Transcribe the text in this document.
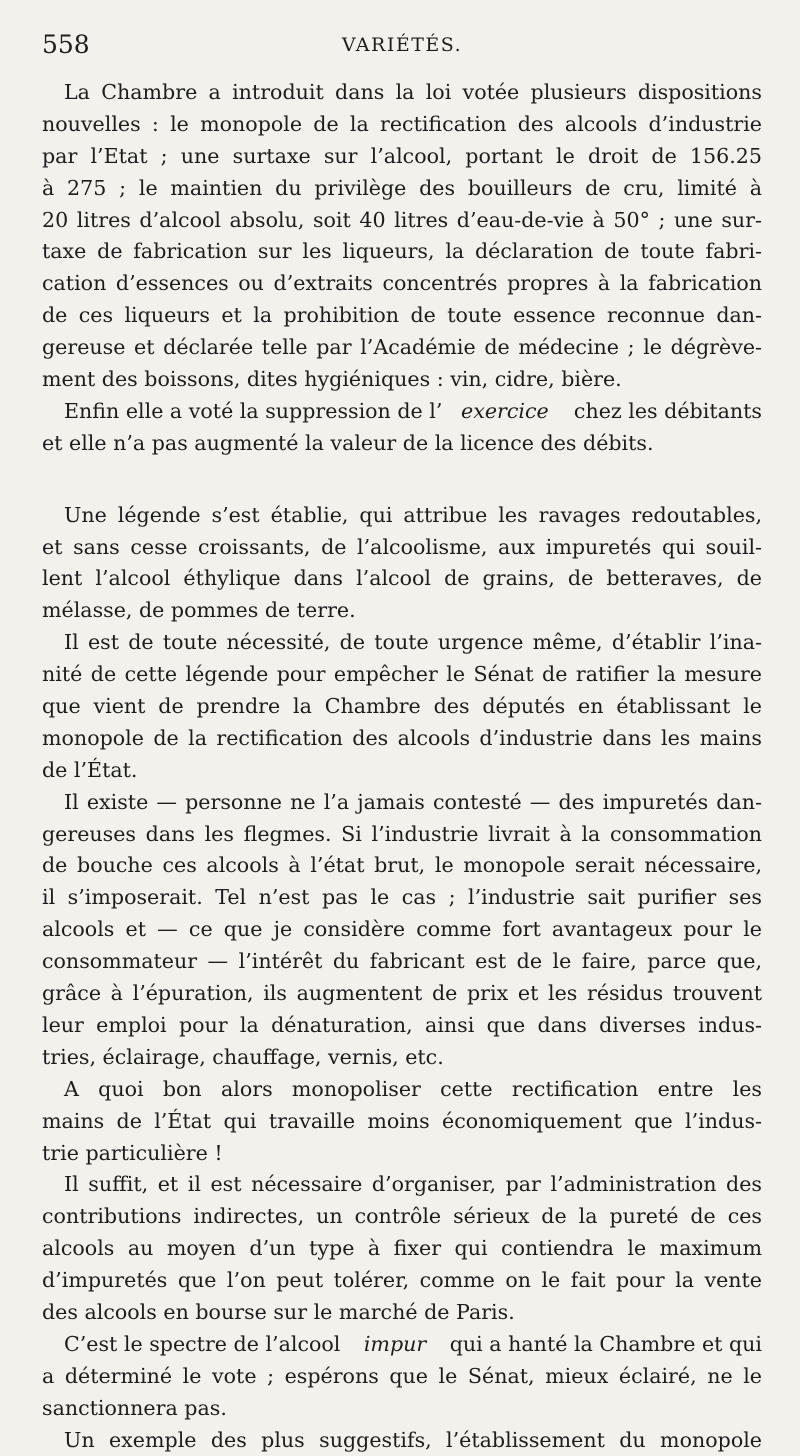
558	VARIÉTÉS.
La Chambre a introduit dans la loi votée plusieurs dispositions
nouvelles : le monopole de la rectification des alcools d’industrie
par l’Etat ; une surtaxe sur l’alcool, portant le droit de 156.25
à 275 ; le maintien du privilège des bouilleurs de cru, limité à
20 litres d’alcool absolu, soit 40 litres d’eau-de-vie à 50° ; une sur-
taxe de fabrication sur les liqueurs, la déclaration de toute fabri-
cation d’essences ou d’extraits concentrés propres à la fabrication
de ces liqueurs et la prohibition de toute essence reconnue dan-
gereuse et déclarée telle par l’Académie de médecine ; le dégrève-
ment des boissons, dites hygiéniques : vin, cidre, bière.
Enfin elle a voté la suppression de l’ exercice chez les débitants
et elle n’a pas augmenté la valeur de la licence des débits.
Une légende s’est établie, qui attribue les ravages redoutables,
et sans cesse croissants, de l’alcoolisme, aux impuretés qui souil-
lent l’alcool éthylique dans l’alcool de grains, de betteraves, de
mélasse, de pommes de terre.
Il est de toute nécessité, de toute urgence même, d’établir l’ina-
nité de cette légende pour empêcher le Sénat de ratifier la mesure
que vient de prendre la Chambre des députés en établissant le
monopole de la rectification des alcools d’industrie dans les mains
de l’État.
Il existe — personne ne l’a jamais contesté — des impuretés dan-
gereuses dans les flegmes. Si l’industrie livrait à la consommation
de bouche ces alcools à l’état brut, le monopole serait nécessaire,
il s’imposerait. Tel n’est pas le cas ; l’industrie sait purifier ses
alcools et — ce que je considère comme fort avantageux pour le
consommateur — l’intérêt du fabricant est de le faire, parce que,
grâce à l’épuration, ils augmentent de prix et les résidus trouvent
leur emploi pour la dénaturation, ainsi que dans diverses indus-
tries, éclairage, chauffage, vernis, etc.
A quoi bon alors monopoliser cette rectification entre les
mains de l’État qui travaille moins économiquement que l’indus-
trie particulière !
Il suffit, et il est nécessaire d’organiser, par l’administration des
contributions indirectes, un contrôle sérieux de la pureté de ces
alcools au moyen d’un type à fixer qui contiendra le maximum
d’impuretés que l’on peut tolérer, comme on le fait pour la vente
des alcools en bourse sur le marché de Paris.
C’est le spectre de l’alcool impur qui a hanté la Chambre et qui
a déterminé le vote ; espérons que le Sénat, mieux éclairé, ne le
sanctionnera pas.
Un exemple des plus suggestifs, l’établissement du monopole
